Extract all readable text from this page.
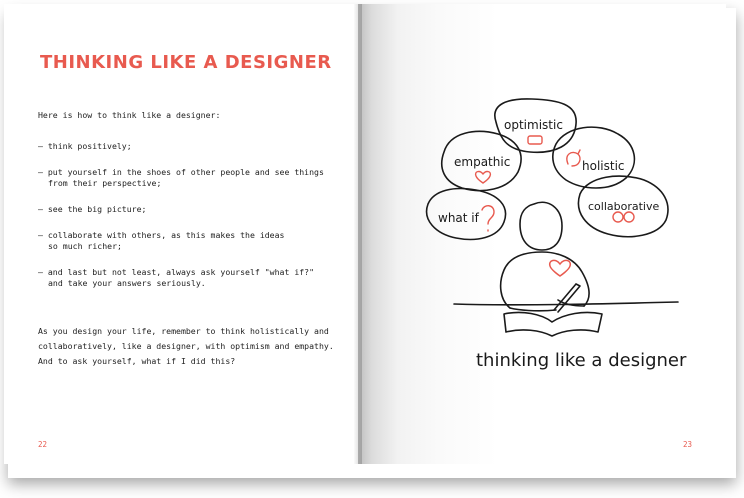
THINKING LIKE A DESIGNER
Here is how to think like a designer:
– think positively;
– put yourself in the shoes of other people and see things
from their perspective;
– see the big picture;
– collaborate with others, as this makes the ideas
so much richer;
– and last but not least, always ask yourself "what if?"
and take your answers seriously.
As you design your life, remember to think holistically and
collaboratively, like a designer, with optimism and empathy.
And to ask yourself, what if I did this?
22
optimistic
empathic	holistic
what if
collaborative
thinking like a designer
23
